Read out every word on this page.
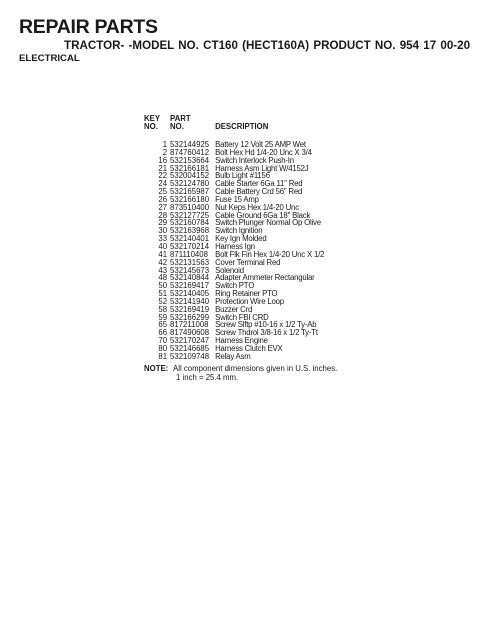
REPAIR PARTS
TRACTOR- -MODEL NO. CT160 (HECT160A) PRODUCT NO. 954 17 00-20
ELECTRICAL
KEY
NO.	PART
NO.	DESCRIPTION

1	532144925	Battery 12 Volt 25 AMP Wet
2	874760412	Bolt Hex Hd 1/4-20 Unc X 3/4
16	532153664	Switch Interlock Push-In
21	532166181	Harness Asm Light W/4152J
22	532004152	Bulb Light #1156
24	532124780	Cable Starter 6Ga 11" Red
25	532165987	Cable Battery Crd 56" Red
26	532166180	Fuse 15 Amp
27	873510400	Nut Keps Hex 1/4-20 Unc
28	532127725	Cable Ground 6Ga 18" Black
29	532160784	Switch Plunger Normal Op Olive
30	532163968	Switch Ignition
33	532140401	Key Ign Molded
40	532170214	Harness Ign
41	871110408	Bolt Flk Fin Hex 1/4-20 Unc X 1/2
42	532131563	Cover Terminal Red
43	532145673	Solenoid
48	532140844	Adapter Ammeter Rectangular
50	532169417	Switch PTO
51	532140405	Ring Retainer PTO
52	532141940	Protection Wire Loop
58	532169419	Buzzer Crd
59	532166299	Switch FBI CRD
65	817211008	Screw Slftp #10-16 x 1/2 Ty-Ab
66	817490608	Screw Thdrol 3/8-16 x 1/2 Ty-Tt
70	532170247	Harness Engine
80	532146685	Harness Clutch EVX
81	532109748	Relay Asm
NOTE: All component dimensions given in U.S. inches.
1 inch = 25.4 mm.
